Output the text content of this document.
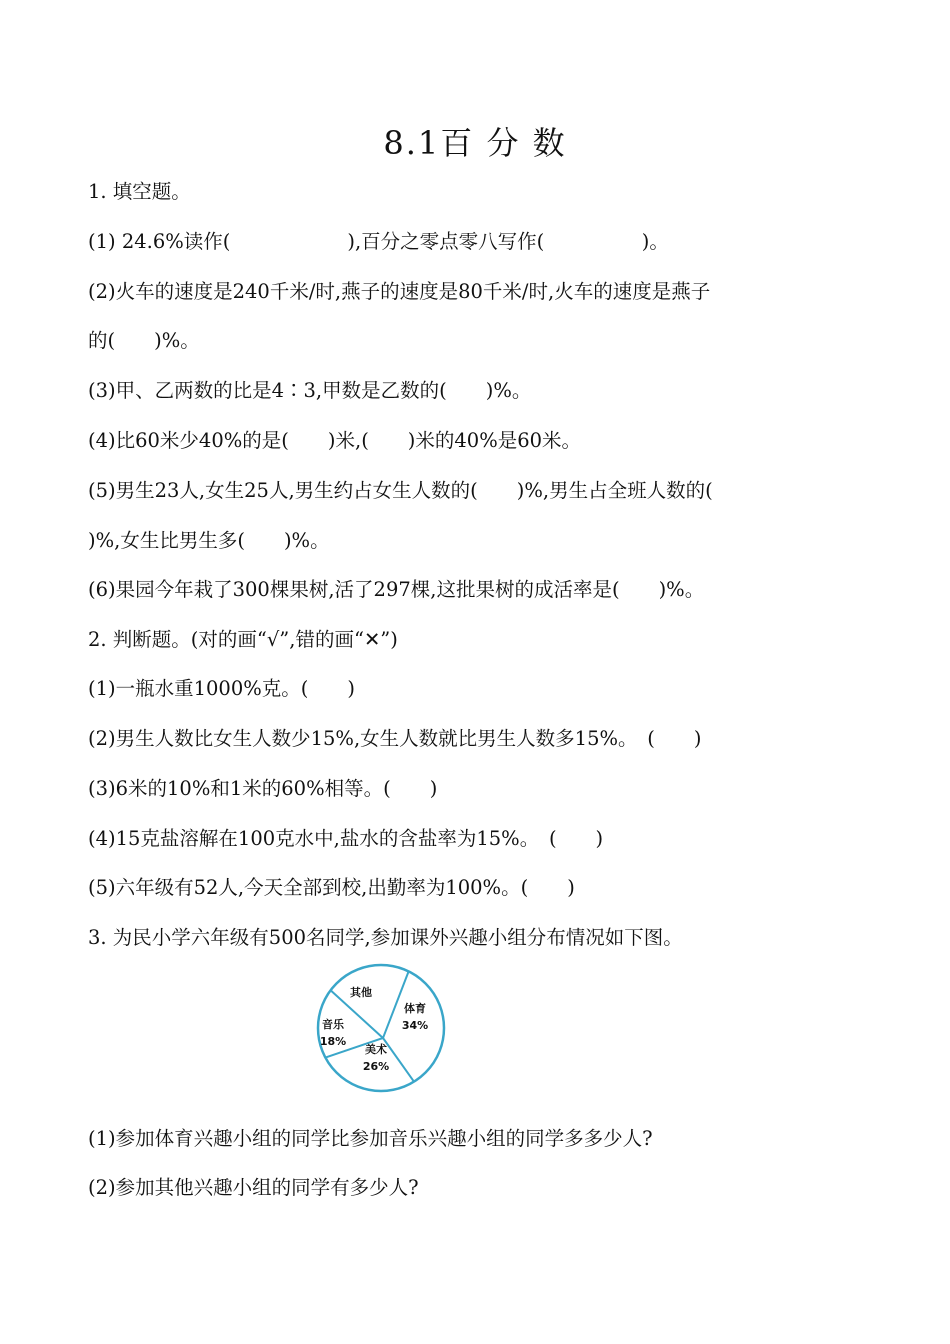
8.1百 分 数

1. 填空题。

(1) 24.6%读作(　　　　　　),百分之零点零八写作(　　　　　)。

(2)火车的速度是240千米/时,燕子的速度是80千米/时,火车的速度是燕子

的(　　)%。

(3)甲、乙两数的比是4∶3,甲数是乙数的(　　)%。

(4)比60米少40%的是(　　)米,(　　)米的40%是60米。

(5)男生23人,女生25人,男生约占女生人数的(　　)%,男生占全班人数的(

)%,女生比男生多(　　)%。

(6)果园今年栽了300棵果树,活了297棵,这批果树的成活率是(　　)%。

2. 判断题。(对的画“√”,错的画“✕”)

(1)一瓶水重1000%克。(　　)

(2)男生人数比女生人数少15%,女生人数就比男生人数多15%。　(　　)

(3)6米的10%和1米的60%相等。(　　)

(4)15克盐溶解在100克水中,盐水的含盐率为15%。　(　　)

(5)六年级有52人,今天全部到校,出勤率为100%。(　　)

3. 为民小学六年级有500名同学,参加课外兴趣小组分布情况如下图。

体育
34%
美术
26%
音乐
18%
其他

(1)参加体育兴趣小组的同学比参加音乐兴趣小组的同学多多少人?

(2)参加其他兴趣小组的同学有多少人?
